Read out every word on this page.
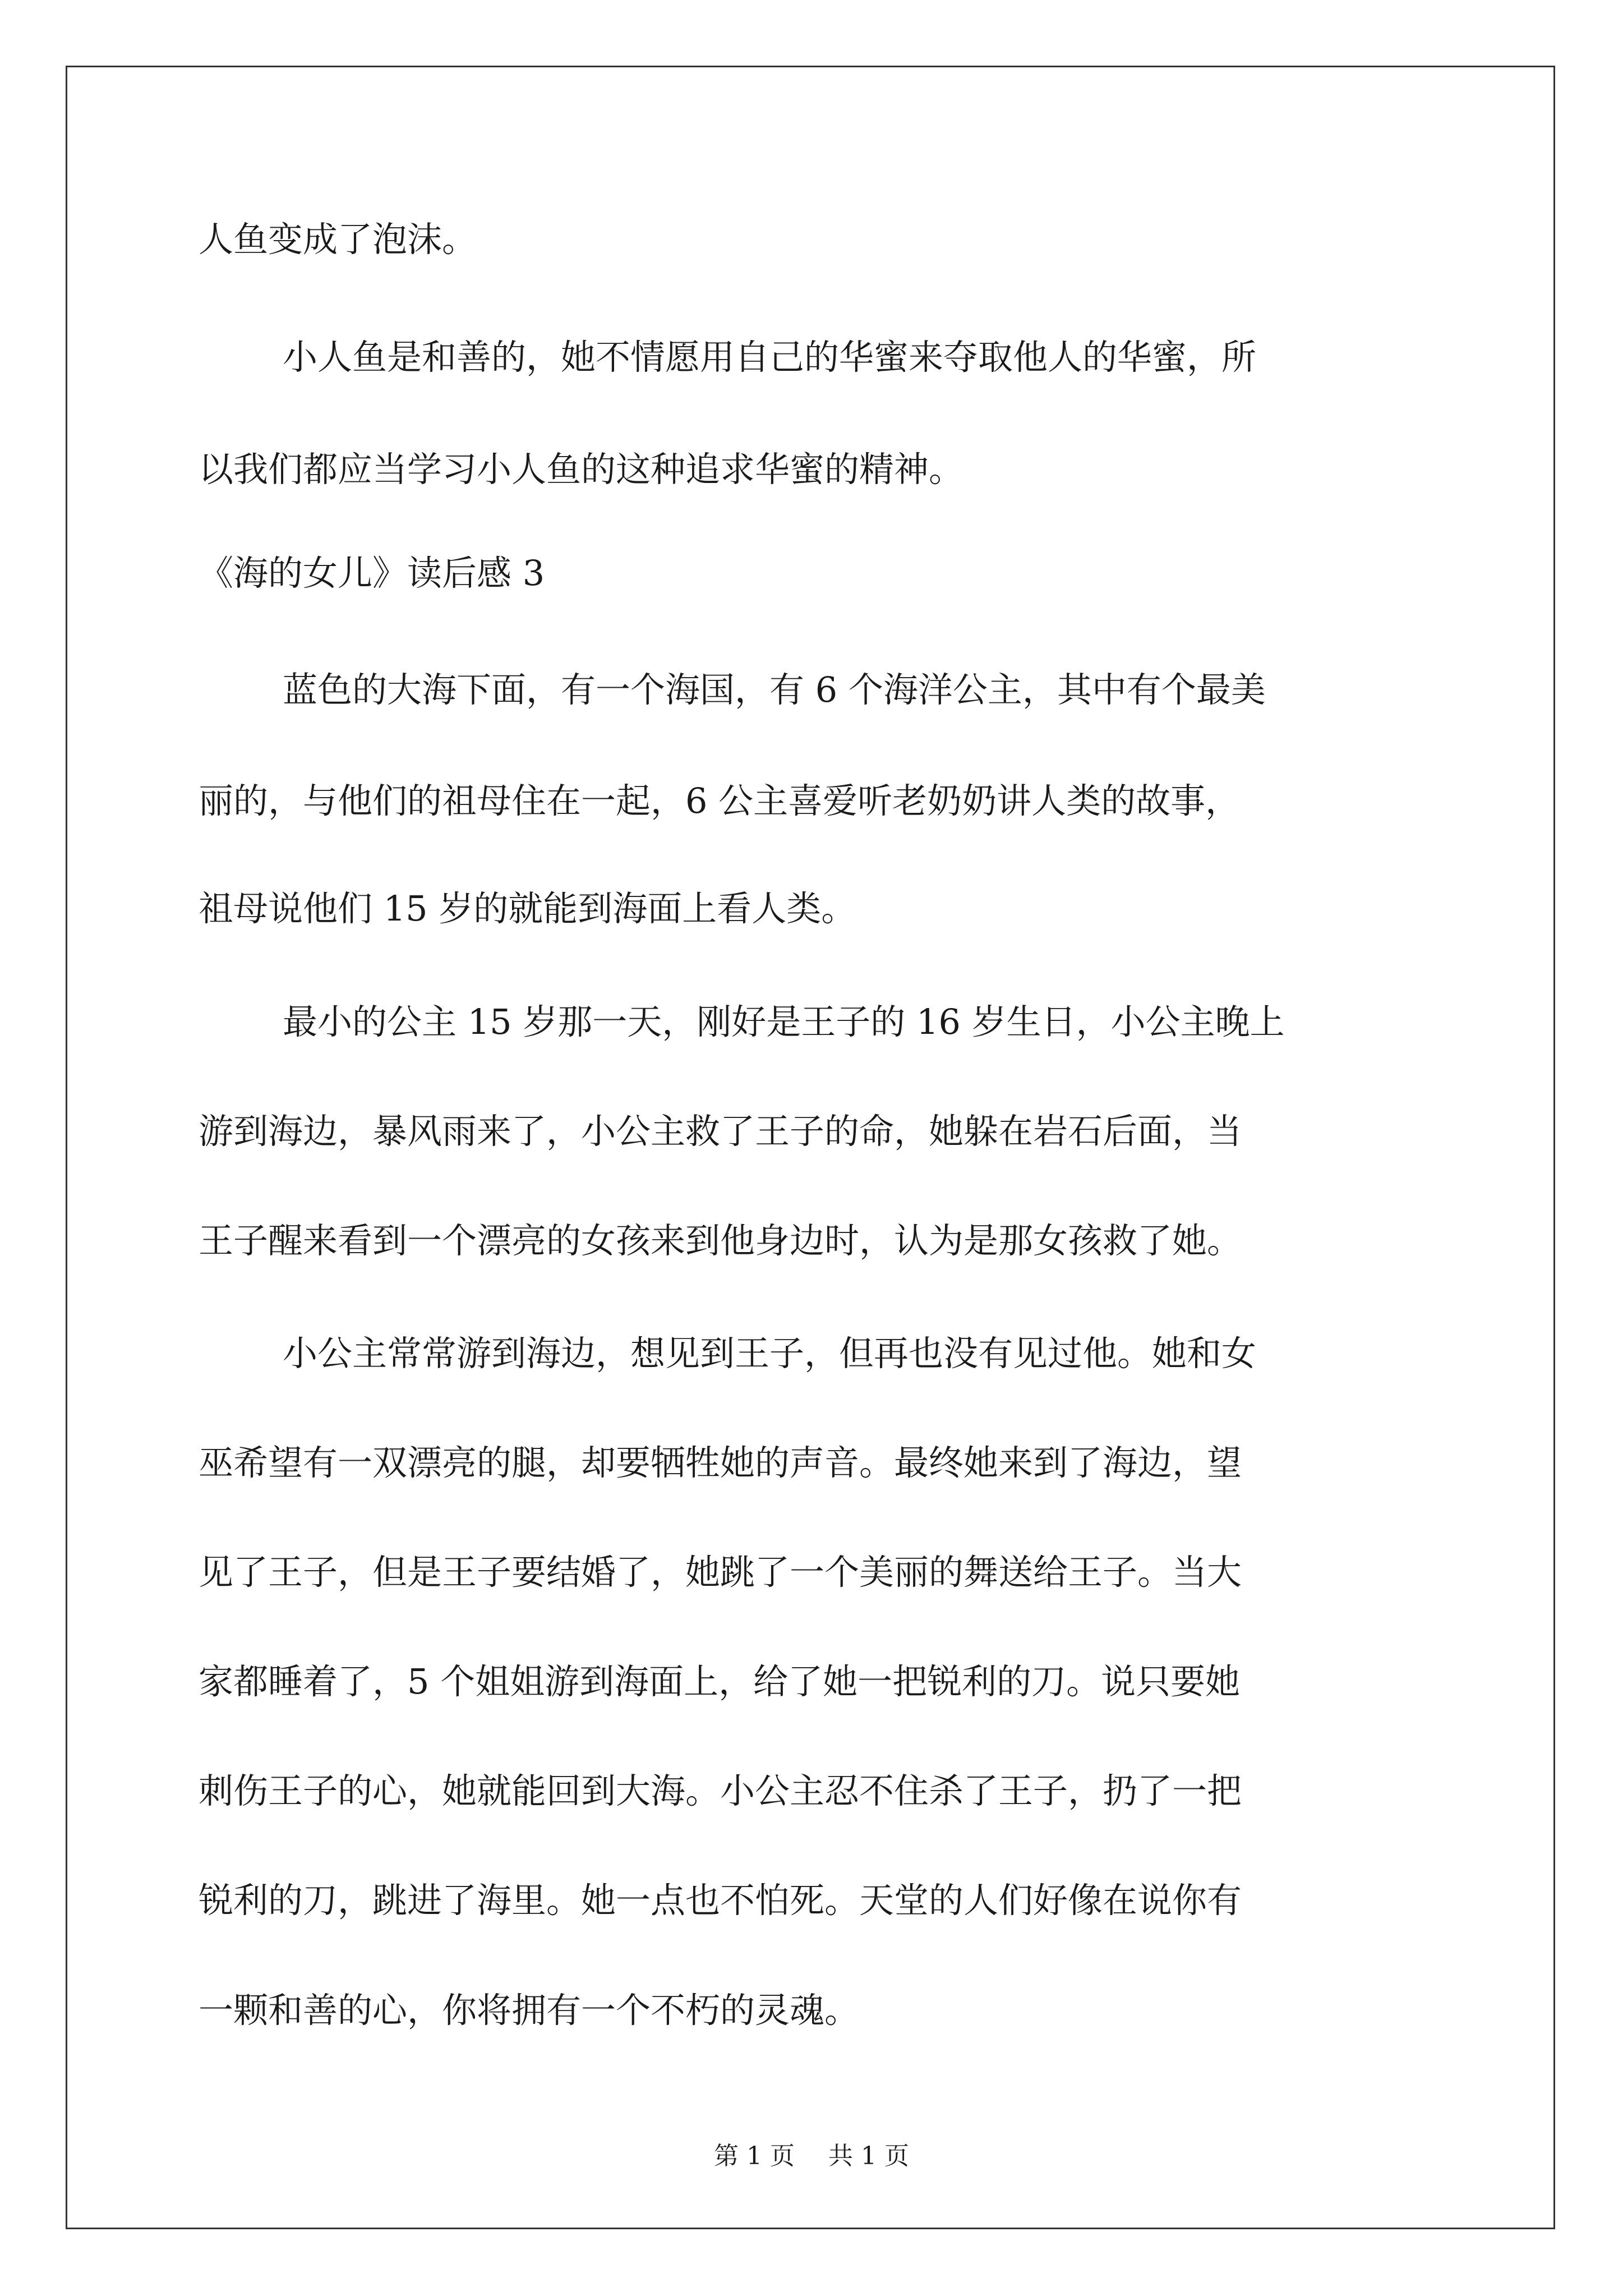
人鱼变成了泡沫。
小人鱼是和善的，她不情愿用自己的华蜜来夺取他人的华蜜，所
以我们都应当学习小人鱼的这种追求华蜜的精神。
《海的女儿》读后感 3
蓝色的大海下面，有一个海国，有 6 个海洋公主，其中有个最美
丽的，与他们的祖母住在一起，6 公主喜爱听老奶奶讲人类的故事，
祖母说他们 15 岁的就能到海面上看人类。
最小的公主 15 岁那一天，刚好是王子的 16 岁生日，小公主晚上
游到海边，暴风雨来了，小公主救了王子的命，她躲在岩石后面，当
王子醒来看到一个漂亮的女孩来到他身边时，认为是那女孩救了她。
小公主常常游到海边，想见到王子，但再也没有见过他。她和女
巫希望有一双漂亮的腿，却要牺牲她的声音。最终她来到了海边，望
见了王子，但是王子要结婚了，她跳了一个美丽的舞送给王子。当大
家都睡着了，5 个姐姐游到海面上，给了她一把锐利的刀。说只要她
刺伤王子的心，她就能回到大海。小公主忍不住杀了王子，扔了一把
锐利的刀，跳进了海里。她一点也不怕死。天堂的人们好像在说你有
一颗和善的心，你将拥有一个不朽的灵魂。
第 1 页 共 1 页
